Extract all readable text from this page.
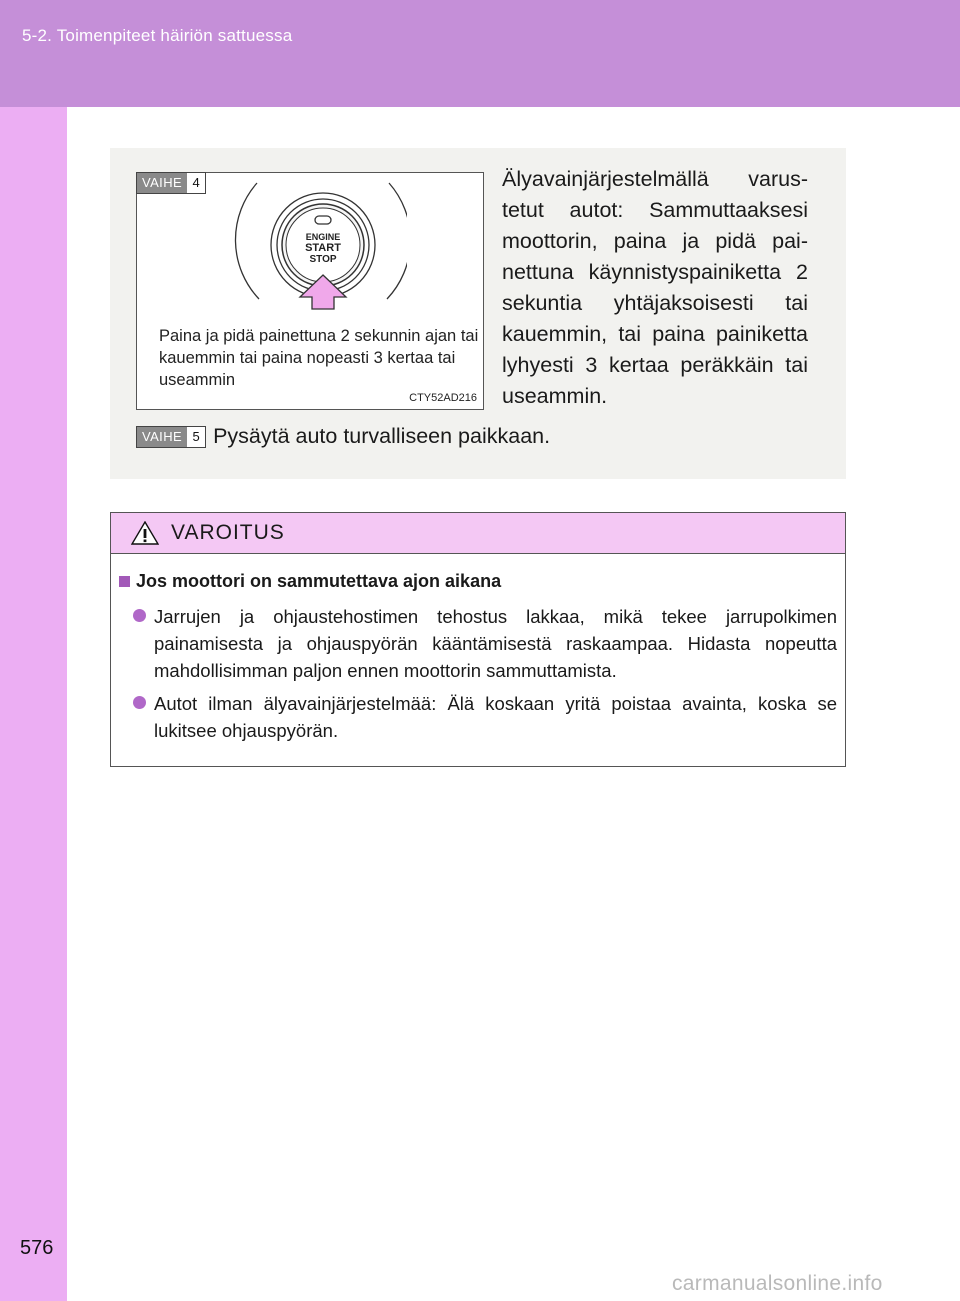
5-2. Toimenpiteet häiriön sattuessa
VAIHE 4
ENGINE
START
STOP
Paina ja pidä painettuna 2 sekunnin ajan tai kauemmin tai paina nopeasti 3 kertaa tai useammin
CTY52AD216
Älyavainjärjestelmällä varustetut autot: Sammuttaaksesi moottorin, paina ja pidä painettuna käynnistyspainiketta 2 sekuntia yhtäjaksoisesti tai kauemmin, tai paina painiketta lyhyesti 3 kertaa peräkkäin tai useammin.
VAIHE 5 Pysäytä auto turvalliseen paikkaan.
VAROITUS
Jos moottori on sammutettava ajon aikana
Jarrujen ja ohjaustehostimen tehostus lakkaa, mikä tekee jarrupolkimen painamisesta ja ohjauspyörän kääntämisestä raskaampaa. Hidasta nopeutta mahdollisimman paljon ennen moottorin sammuttamista.
Autot ilman älyavainjärjestelmää: Älä koskaan yritä poistaa avainta, koska se lukitsee ohjauspyörän.
576
carmanualsonline.info
